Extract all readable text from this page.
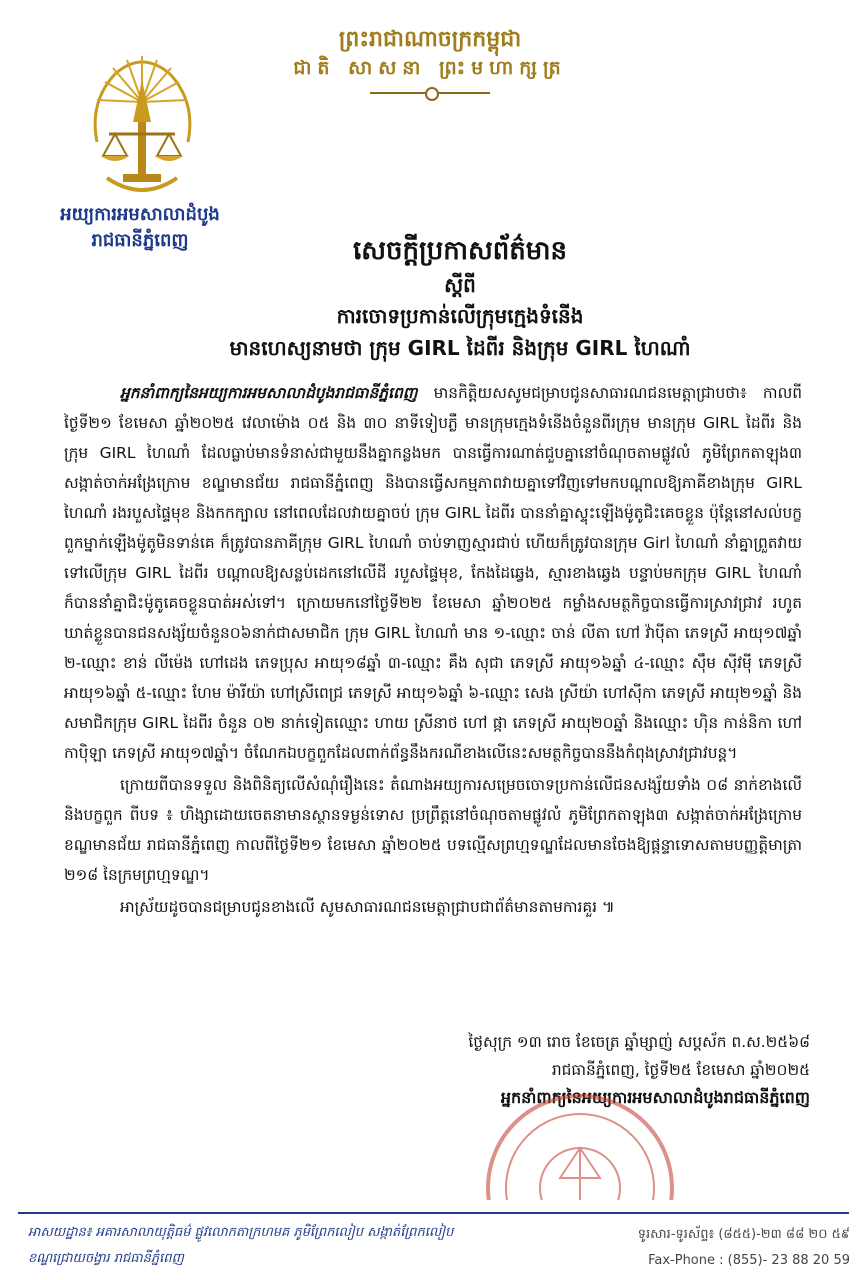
ព្រះរាជាណាចក្រកម្ពុជា
ជាតិ សាសនា ព្រះមហាក្សត្រ
អយ្យការអមសាលាដំបូង
រាជធានីភ្នំពេញ	សេចក្តីប្រកាសព័ត៌មាន
ស្តីពី
ការចោទប្រកាន់លើក្រុមក្មេងទំនើង
មានហេស្យនាមថា ក្រុម GIRL ដៃពីរ និងក្រុម GIRL ហៃណាំ

អ្នកនាំពាក្យនៃអយ្យការអមសាលាដំបូងរាជធានីភ្នំពេញ មានកិត្តិយសសូមជម្រាបជូនសាធារណជនមេត្តាជ្រាបថា៖ កាលពីថ្ងៃទី២១ ខែមេសា ឆ្នាំ២០២៥ វេលាម៉ោង ០៥ និង ៣០ នាទីទៀបភ្លឺ មានក្រុមក្មេងទំនើងចំនួនពីរក្រុម មានក្រុម GIRL ដៃពីរ និង ក្រុម GIRL ហៃណាំ ដែលធ្លាប់មានទំនាស់ជាមួយនឹងគ្នាកន្លងមក បានធ្វើការណាត់ជួបគ្នានៅចំណុចតាមផ្លូវលំ ភូមិព្រែកតាឡុង៣ សង្កាត់ចាក់អង្រែក្រោម ខណ្ឌមានជ័យ រាជធានីភ្នំពេញ និងបានធ្វើសកម្មភាពវាយគ្នាទៅវិញទៅមកបណ្តាលឱ្យភាគីខាងក្រុម GIRL ហៃណាំ រងរបួសផ្ទៃមុខ និងកកក្បាល នៅពេលដែលវាយគ្នាចប់ ក្រុម GIRL ដៃពីរ បាននាំគ្នាស្ទុះឡើងម៉ូតូជិះគេចខ្លួន ប៉ុន្តែនៅសល់បក្ខពួកម្នាក់ឡើងម៉ូតូមិនទាន់គេ ក៏ត្រូវបានភាគីក្រុម GIRL ហៃណាំ ចាប់ទាញស្មារជាប់ ហើយក៏ត្រូវបានក្រុម Girl ហៃណាំ នាំគ្នាព្រួតវាយទៅលើក្រុម GIRL ដៃពីរ បណ្តាលឱ្យសន្លប់ដេកនៅលើដី របួសផ្ទៃមុខ, កែងដៃឆ្វេង, ស្មារខាងឆ្វេង បន្ទាប់មកក្រុម GIRL ហៃណាំ ក៏បាននាំគ្នាជិះម៉ូតូគេចខ្លួនបាត់អស់ទៅ។ ក្រោយមកនៅថ្ងៃទី២២ ខែមេសា ឆ្នាំ២០២៥ កម្លាំងសមត្ថកិច្ចបានធ្វើការស្រាវជ្រាវ រហូតឃាត់ខ្លួនបានជនសង្ស័យចំនួន០៦នាក់ជាសមាជិក ក្រុម GIRL ហៃណាំ មាន ១-ឈ្មោះ ចាន់ លីតា ហៅ វ៉ាប៉ីតា ភេទស្រី អាយុ១៧ឆ្នាំ ២-ឈ្មោះ ខាន់ លីម៉េង ហៅដេង ភេទប្រុស អាយុ១៨ឆ្នាំ ៣-ឈ្មោះ គឹង សុជា ភេទស្រី អាយុ១៦ឆ្នាំ ៤-ឈ្មោះ ស៊ឹម ស៊ីវម៉ី ភេទស្រី អាយុ១៦ឆ្នាំ ៥-ឈ្មោះ ហែម ម៉ារីយ៉ា ហៅស្រីពេជ្រ ភេទស្រី អាយុ១៦ឆ្នាំ ៦-ឈ្មោះ សេង ស្រីយ៉ា ហៅស៊ីកា ភេទស្រី អាយុ២១ឆ្នាំ និងសមាជិកក្រុម GIRL ដៃពីរ ចំនួន ០២ នាក់ទៀតឈ្មោះ ហាយ ស្រីនាថ ហៅ ផ្កា ភេទស្រី អាយុ២០ឆ្នាំ និងឈ្មោះ ហ៊ិន កាន់និកា ហៅ កាប៉ិឡា ភេទស្រី អាយុ១៧ឆ្នាំ។ ចំណែកឯបក្ខពួកដែលពាក់ព័ន្ធនឹងករណីខាងលើនេះសមត្ថកិច្ចបាននឹងកំពុងស្រាវជ្រាវបន្ត។

ក្រោយពីបានទទួល និងពិនិត្យលើសំណុំរឿងនេះ តំណាងអយ្យការសម្រេចចោទប្រកាន់លើជនសង្ស័យទាំង ០៨ នាក់ខាងលើ និងបក្ខពួក ពីបទ ៖ ហិង្សាដោយចេតនាមានស្ថានទម្ងន់ទោស ប្រព្រឹត្តនៅចំណុចតាមផ្លូវលំ ភូមិព្រែកតាឡុង៣ សង្កាត់ចាក់អង្រែក្រោម ខណ្ឌមានជ័យ រាជធានីភ្នំពេញ កាលពីថ្ងៃទី២១ ខែមេសា ឆ្នាំ២០២៥ បទល្មើសព្រហ្មទណ្ឌដែលមានចែងឱ្យផ្តន្ទាទោសតាមបញ្ញត្តិមាត្រា ២១៨ នៃក្រមព្រហ្មទណ្ឌ។

អាស្រ័យដូចបានជម្រាបជូនខាងលើ សូមសាធារណជនមេត្តាជ្រាបជាព័ត៌មានតាមការគួរ ៕

ថ្ងៃសុក្រ ១៣ រោច ខែចេត្រ ឆ្នាំម្សាញ់ សប្តស័ក ព.ស.២៥៦៨
រាជធានីភ្នំពេញ, ថ្ងៃទី២៥ ខែមេសា ឆ្នាំ២០២៥
អ្នកនាំពាក្យនៃអយ្យការអមសាលាដំបូងរាជធានីភ្នំពេញ
អាសយដ្ឋាន៖ អគារសាលាយុត្តិធម៌ ផ្លូវលោកតាក្រហមគ ភូមិព្រែកលៀប សង្កាត់ព្រែកលៀប
ខណ្ឌជ្រោយចង្វារ រាជធានីភ្នំពេញ
ទូរសារ-ទូរស័ព្ទ៖ (៨៥៥)-២៣ ៨៨ ២០ ៥៩
Fax-Phone : (855)- 23 88 20 59
